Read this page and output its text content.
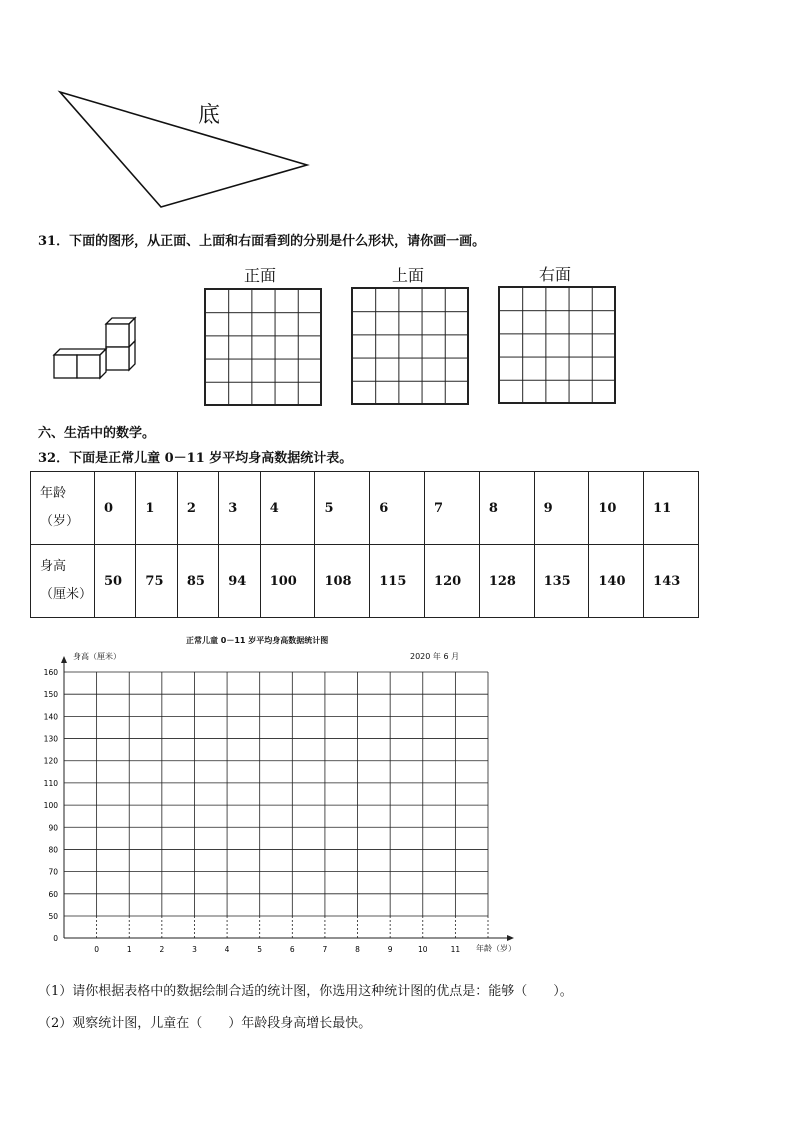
底
31．下面的图形，从正面、上面和右面看到的分别是什么形状，请你画一画。
正面	上面	右面
六、生活中的数学。
32．下面是正常儿童 0－11 岁平均身高数据统计表。
年龄
（岁）	0	1	2	3	4	5	6	7	8	9	10	11
身高
（厘米）	50	75	85	94	100	108	115	120	128	135	140	143
正常儿童 0－11 岁平均身高数据统计图
2020 年 6 月
身高（厘米）
年龄（岁）
160
150
140
130
120
110
100
90
80
70
60
50
0
0	1	2	3	4	5	6	7	8	9	10	11
（1）请你根据表格中的数据绘制合适的统计图，你选用这种统计图的优点是：能够（　　）。
（2）观察统计图，儿童在（　　）年龄段身高增长最快。
